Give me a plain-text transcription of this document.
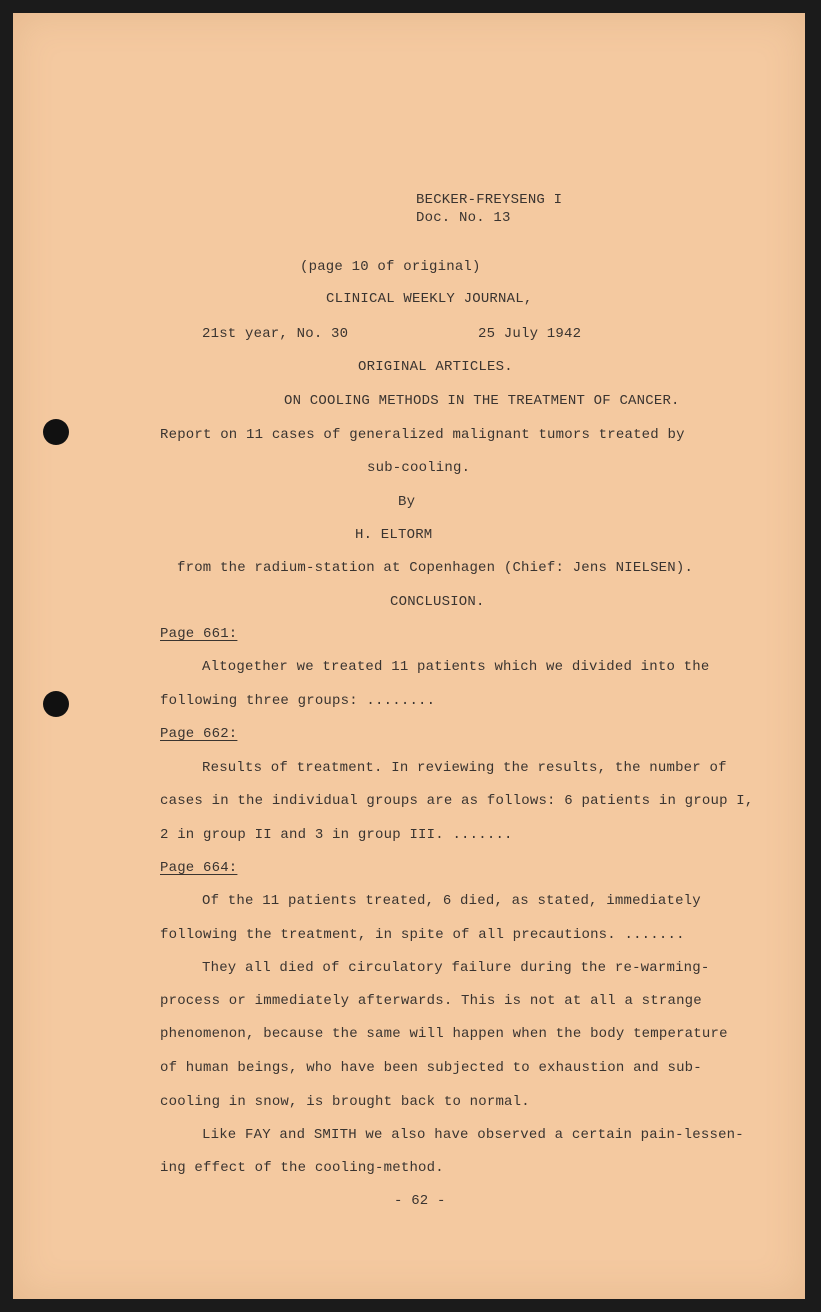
BECKER-FREYSENG I
Doc. No. 13
(page 10 of original)
CLINICAL WEEKLY JOURNAL,
21st year, No. 30	25 July 1942
ORIGINAL ARTICLES.
ON COOLING METHODS IN THE TREATMENT OF CANCER.
Report on 11 cases of generalized malignant tumors treated by
sub-cooling.
By
H. ELTORM
from the radium-station at Copenhagen (Chief: Jens NIELSEN).
CONCLUSION.
Page 661:
Altogether we treated 11 patients which we divided into the
following three groups: ........
Page 662:
Results of treatment. In reviewing the results, the number of
cases in the individual groups are as follows: 6 patients in group I,
2 in group II and 3 in group III. .......
Page 664:
Of the 11 patients treated, 6 died, as stated, immediately
following the treatment, in spite of all precautions. .......
They all died of circulatory failure during the re-warming-
process or immediately afterwards. This is not at all a strange
phenomenon, because the same will happen when the body temperature
of human beings, who have been subjected to exhaustion and sub-
cooling in snow, is brought back to normal.
Like FAY and SMITH we also have observed a certain pain-lessen-
ing effect of the cooling-method.
- 62 -
